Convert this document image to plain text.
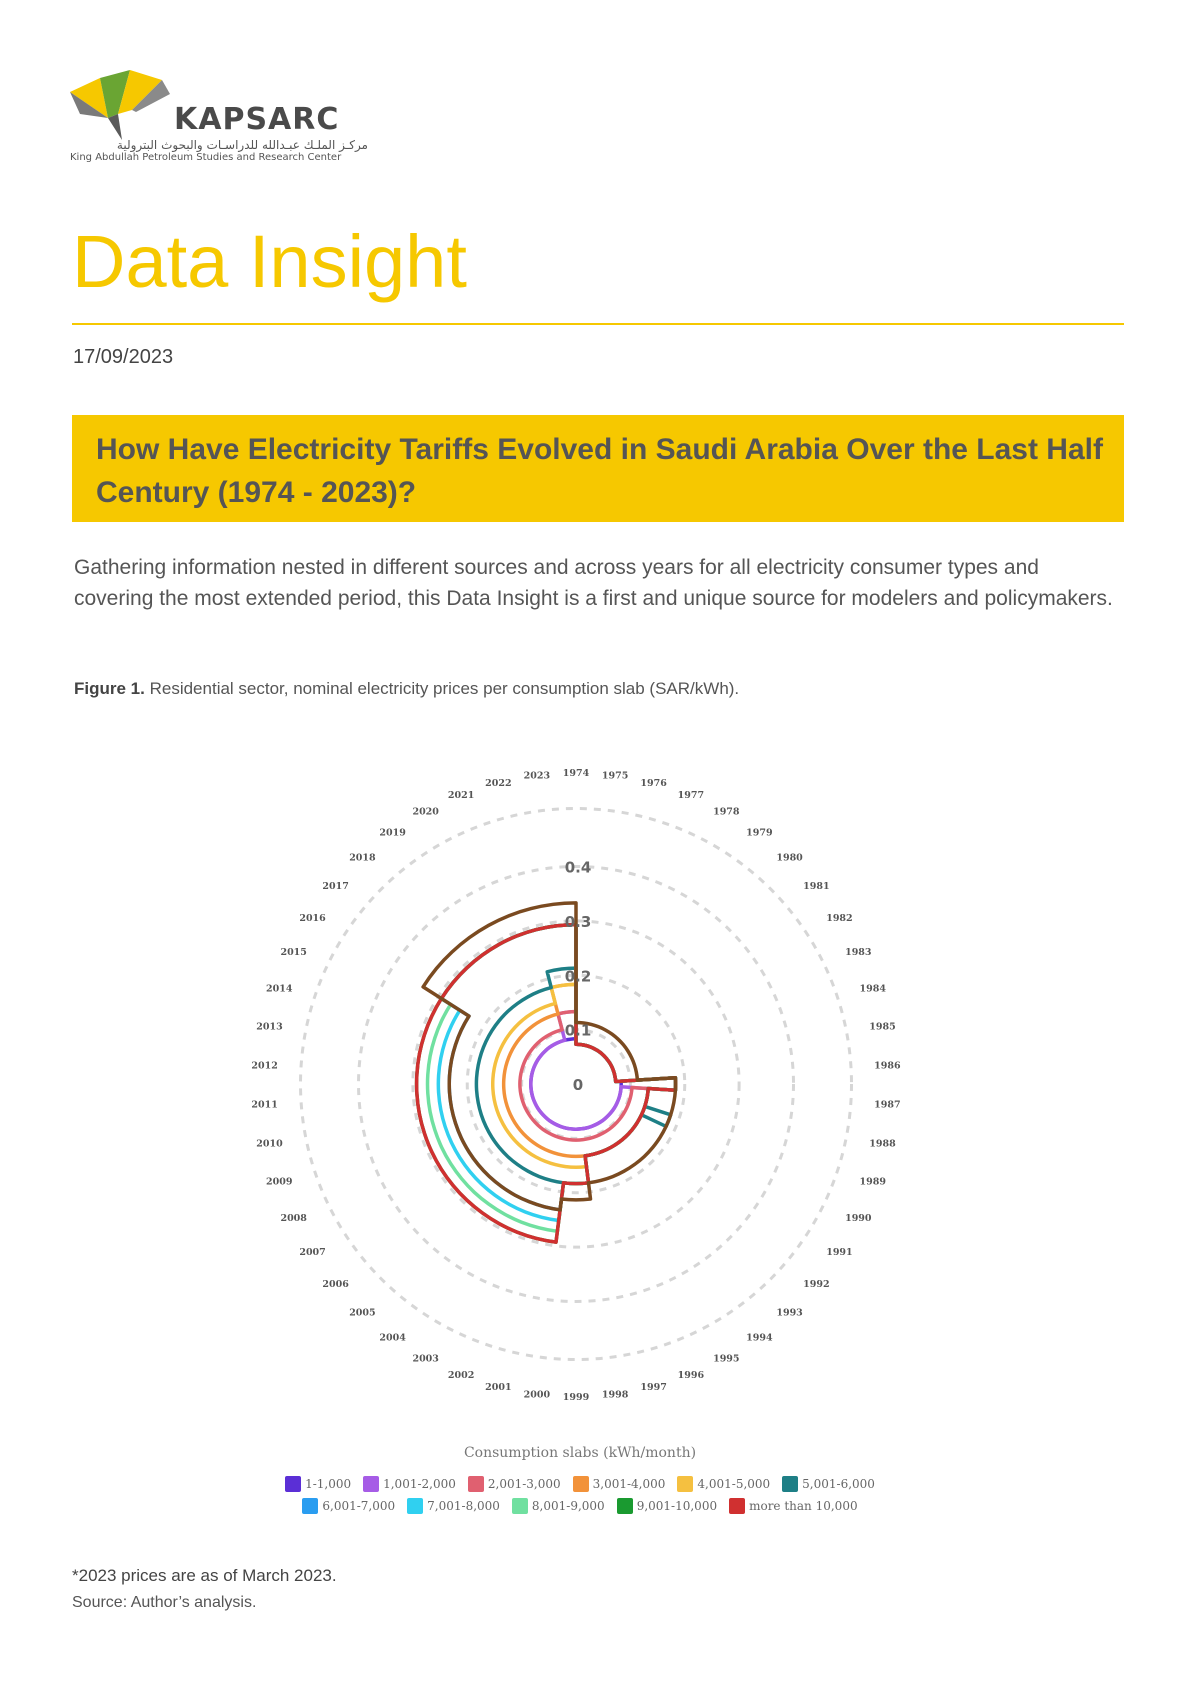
KAPSARC
مركـز الملـك عبـدالله للدراسـات والبحوث البترولية
King Abdullah Petroleum Studies and Research Center
Data Insight
17/09/2023
How Have Electricity Tariffs Evolved in Saudi Arabia Over the Last Half Century (1974 - 2023)?

Gathering information nested in different sources and across years for all electricity consumer types and covering the most extended period, this Data Insight is a first and unique source for modelers and policymakers.

Figure 1. Residential sector, nominal electricity prices per consumption slab (SAR/kWh).
1974 1975
1976
1977
1978
1979
1980
1981
1982
1983
1984
1985
1986
1987
1988
1989
1990
1991
1992
1993
1994
1995
1996
1997
1998
1999
2000
2001
2002
2003
2004
2005
2006
2007
2008
2009
2010
2011
2012
2013
2014
2015
2016
2017
2018
2019
2020
2021
2022
2023
0
0.1
0.2
0.3
0.4
Consumption slabs (kWh/month)
1-1,000	1,001-2,000	2,001-3,000	3,001-4,000	4,001-5,000	5,001-6,000
6,001-7,000	7,001-8,000	8,001-9,000	9,001-10,000	more than 10,000
*2023 prices are as of March 2023.
Source: Author’s analysis.
